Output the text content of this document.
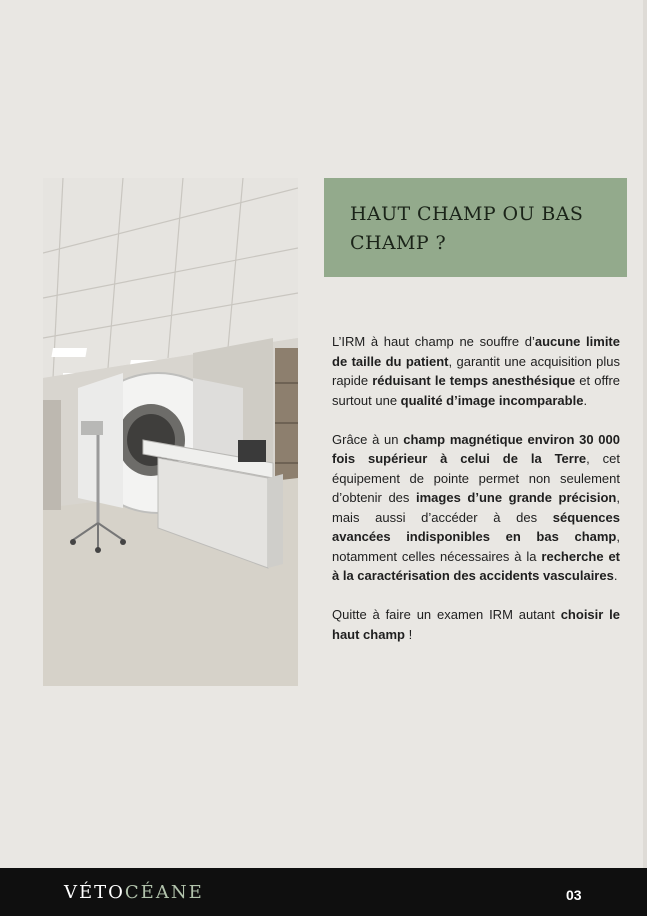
HAUT CHAMP OU BAS CHAMP ?

L’IRM à haut champ ne souffre d’aucune limite de taille du patient, garantit une acquisition plus rapide réduisant le temps anesthésique et offre surtout une qualité d’image incomparable.

Grâce à un champ magnétique environ 30 000 fois supérieur à celui de la Terre, cet équipement de pointe permet non seulement d’obtenir des images d’une grande précision, mais aussi d’accéder à des séquences avancées indisponibles en bas champ, notamment celles nécessaires à la recherche et à la caractérisation des accidents vasculaires.

Quitte à faire un examen IRM autant choisir le haut champ !

VÉTOCÉANE	03
